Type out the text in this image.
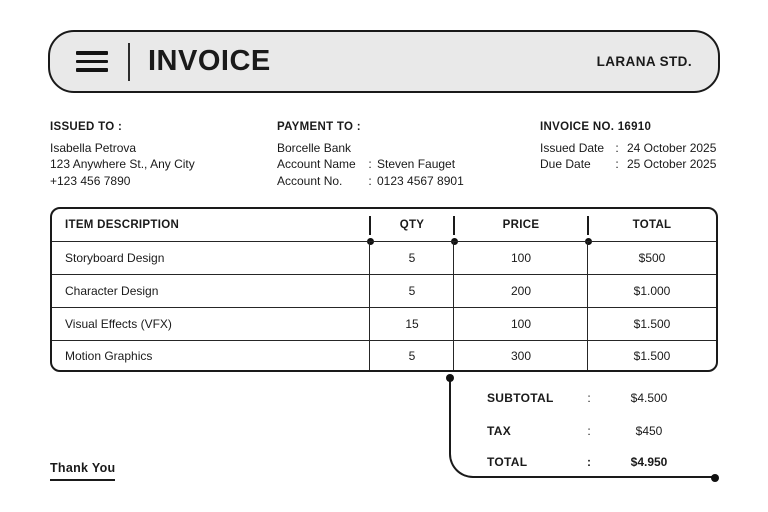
INVOICE	LARANA STD.
ISSUED TO :
Isabella Petrova
123 Anywhere St., Any City
+123 456 7890
PAYMENT TO :
Borcelle Bank
Account Name	: Steven Fauget
Account No.	: 0123 4567 8901
INVOICE NO. 16910
Issued Date : 24 October 2025
Due Date	: 25 October 2025
ITEM DESCRIPTION	QTY	PRICE	TOTAL
Storyboard Design	5	100	$500
Character Design	5	200	$1.000
Visual Effects (VFX)	15	100	$1.500
Motion Graphics	5	300	$1.500
SUBTOTAL	:	$4.500
TAX	:	$450
TOTAL	:	$4.950
Thank You
